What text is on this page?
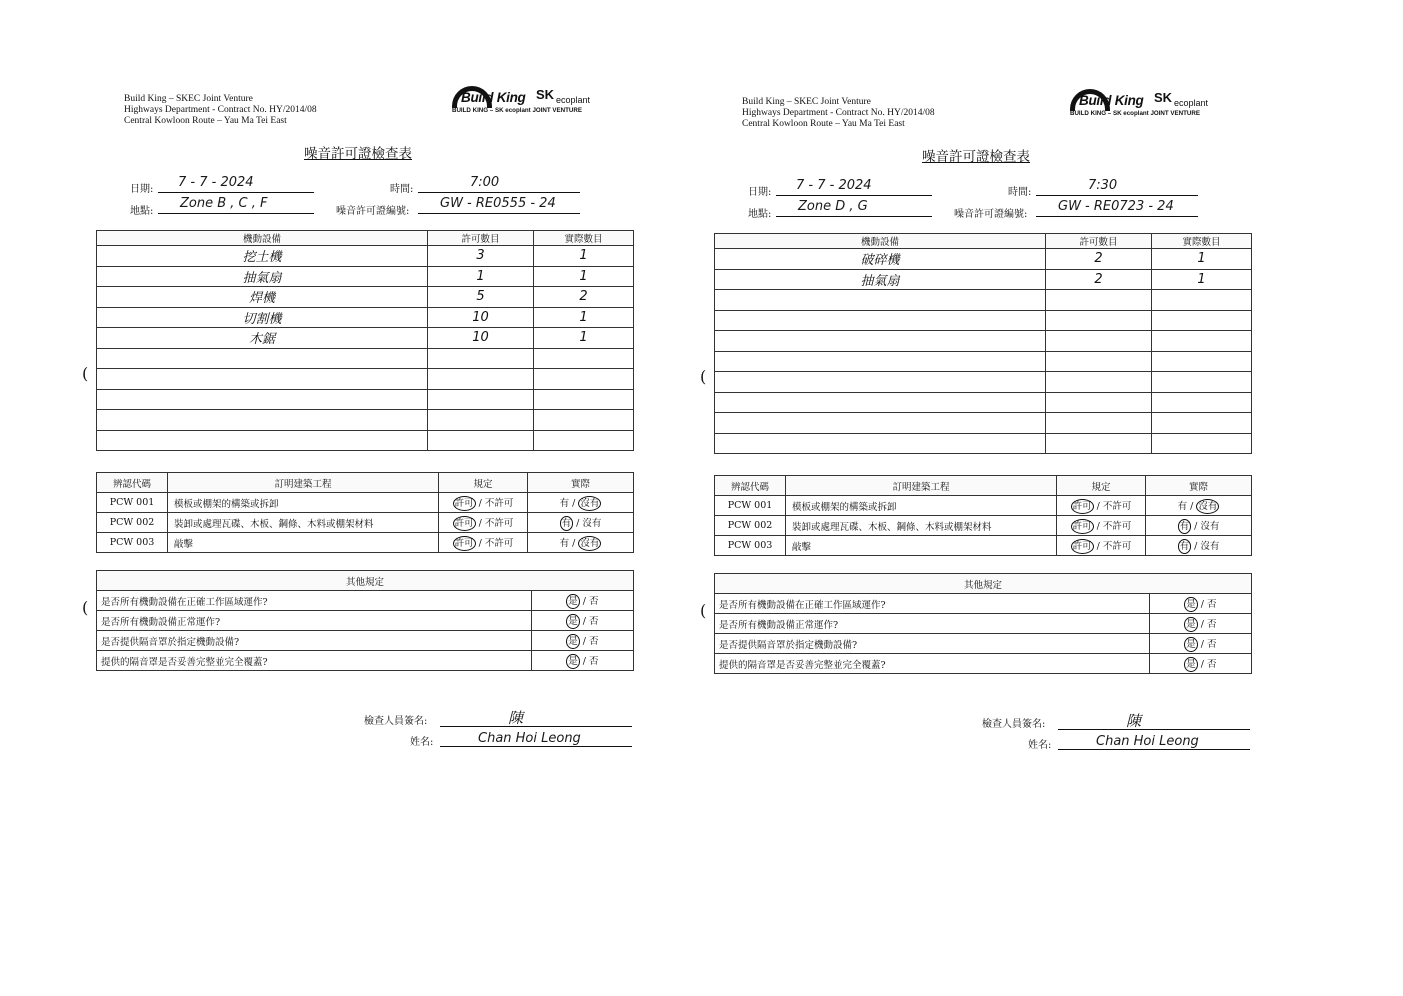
Build King – SKEC Joint Venture
Highways Department - Contract No. HY/2014/08
Central Kowloon Route – Yau Ma Tei East
Build King SK ecoplant
BUILD KING – SK ecoplant JOINT VENTURE
噪音許可證檢查表
日期: 7 - 7 - 2024	時間:	7:00
地點:
Zone B , C , F
噪音許可證編號:
GW - RE0555 - 24
機動設備	許可數目	實際數目
挖土機	3	1
抽氣扇	1	1
焊機	5	2
切割機	10	1
木鋸	10	1

(
辨認代碼	訂明建築工程	規定	實際
PCW 001	模板或棚架的構築或拆卸	許可 / 不許可	有 / 沒有
PCW 002	裝卸或處理瓦碟、木板、鋼條、木料或棚架材料	許可 / 不許可	有 / 沒有
PCW 003	敲擊	許可 / 不許可	有 / 沒有
其他規定	
是否所有機動設備在正確工作區域運作?	是 / 否
是否所有機動設備正常運作?	是 / 否
是否提供隔音罩於指定機動設備?	是 / 否
提供的隔音罩是否妥善完整並完全覆蓋?	是 / 否
(
檢查人員簽名:	陳
姓名:	Chan Hoi Leong
Build King – SKEC Joint Venture
Highways Department - Contract No. HY/2014/08
Central Kowloon Route – Yau Ma Tei East
Build King SK ecoplant
BUILD KING – SK ecoplant JOINT VENTURE
噪音許可證檢查表
日期: 7 - 7 - 2024	時間:	7:30
地點:
Zone D , G
噪音許可證編號:
GW - RE0723 - 24
機動設備	許可數目	實際數目
破碎機	2	1
抽氣扇	2	1

(
辨認代碼	訂明建築工程	規定	實際
PCW 001	模板或棚架的構築或拆卸	許可 / 不許可	有 / 沒有
PCW 002	裝卸或處理瓦碟、木板、鋼條、木料或棚架材料	許可 / 不許可	有 / 沒有
PCW 003	敲擊	許可 / 不許可	有 / 沒有
其他規定	
是否所有機動設備在正確工作區域運作?	是 / 否
是否所有機動設備正常運作?	是 / 否
是否提供隔音罩於指定機動設備?	是 / 否
提供的隔音罩是否妥善完整並完全覆蓋?	是 / 否
(
檢查人員簽名:	陳
姓名:	Chan Hoi Leong
